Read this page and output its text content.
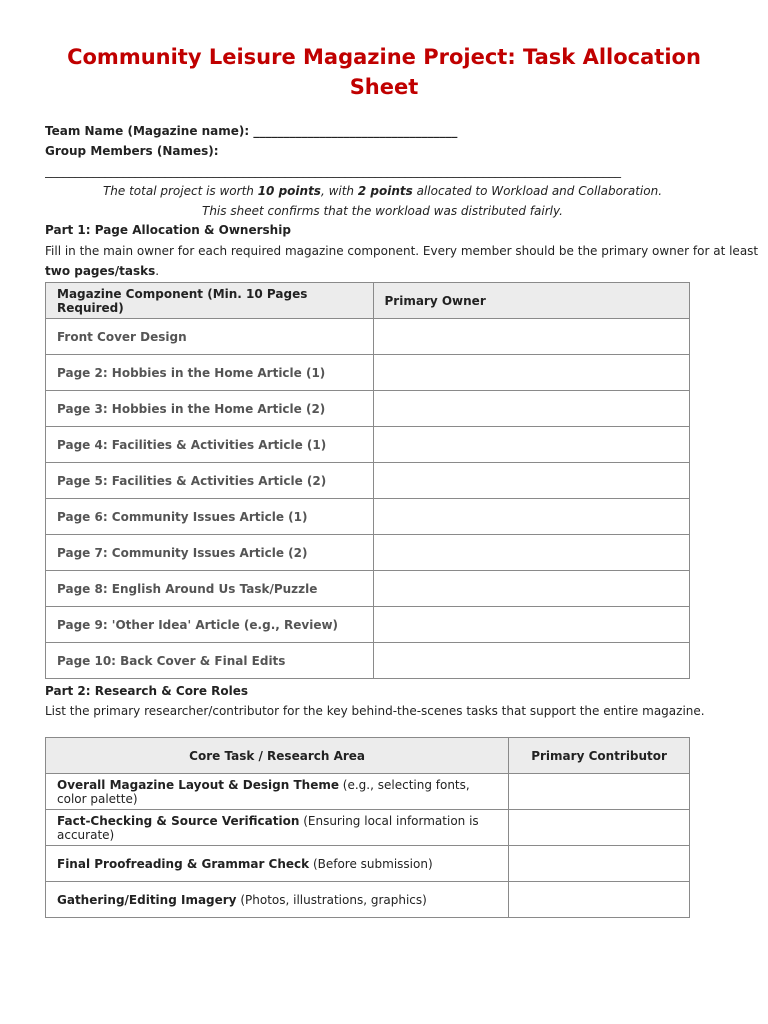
Community Leisure Magazine Project: Task Allocation Sheet
Team Name (Magazine name): __________________________________
Group Members (Names):
________________________________________________________________________________________________
The total project is worth 10 points, with 2 points allocated to Workload and Collaboration.
This sheet confirms that the workload was distributed fairly.
Part 1: Page Allocation & Ownership
Fill in the main owner for each required magazine component. Every member should be the primary owner for at least
two pages/tasks.
Magazine Component (Min. 10 Pages Required)	Primary Owner
Front Cover Design	
Page 2: Hobbies in the Home Article (1)	
Page 3: Hobbies in the Home Article (2)	
Page 4: Facilities & Activities Article (1)	
Page 5: Facilities & Activities Article (2)	
Page 6: Community Issues Article (1)	
Page 7: Community Issues Article (2)	
Page 8: English Around Us Task/Puzzle	
Page 9: 'Other Idea' Article (e.g., Review)	
Page 10: Back Cover & Final Edits	
Part 2: Research & Core Roles
List the primary researcher/contributor for the key behind-the-scenes tasks that support the entire magazine.
Core Task / Research Area	Primary Contributor
Overall Magazine Layout & Design Theme (e.g., selecting fonts, color palette)	
Fact-Checking & Source Verification (Ensuring local information is accurate)	
Final Proofreading & Grammar Check (Before submission)	
Gathering/Editing Imagery (Photos, illustrations, graphics)	
